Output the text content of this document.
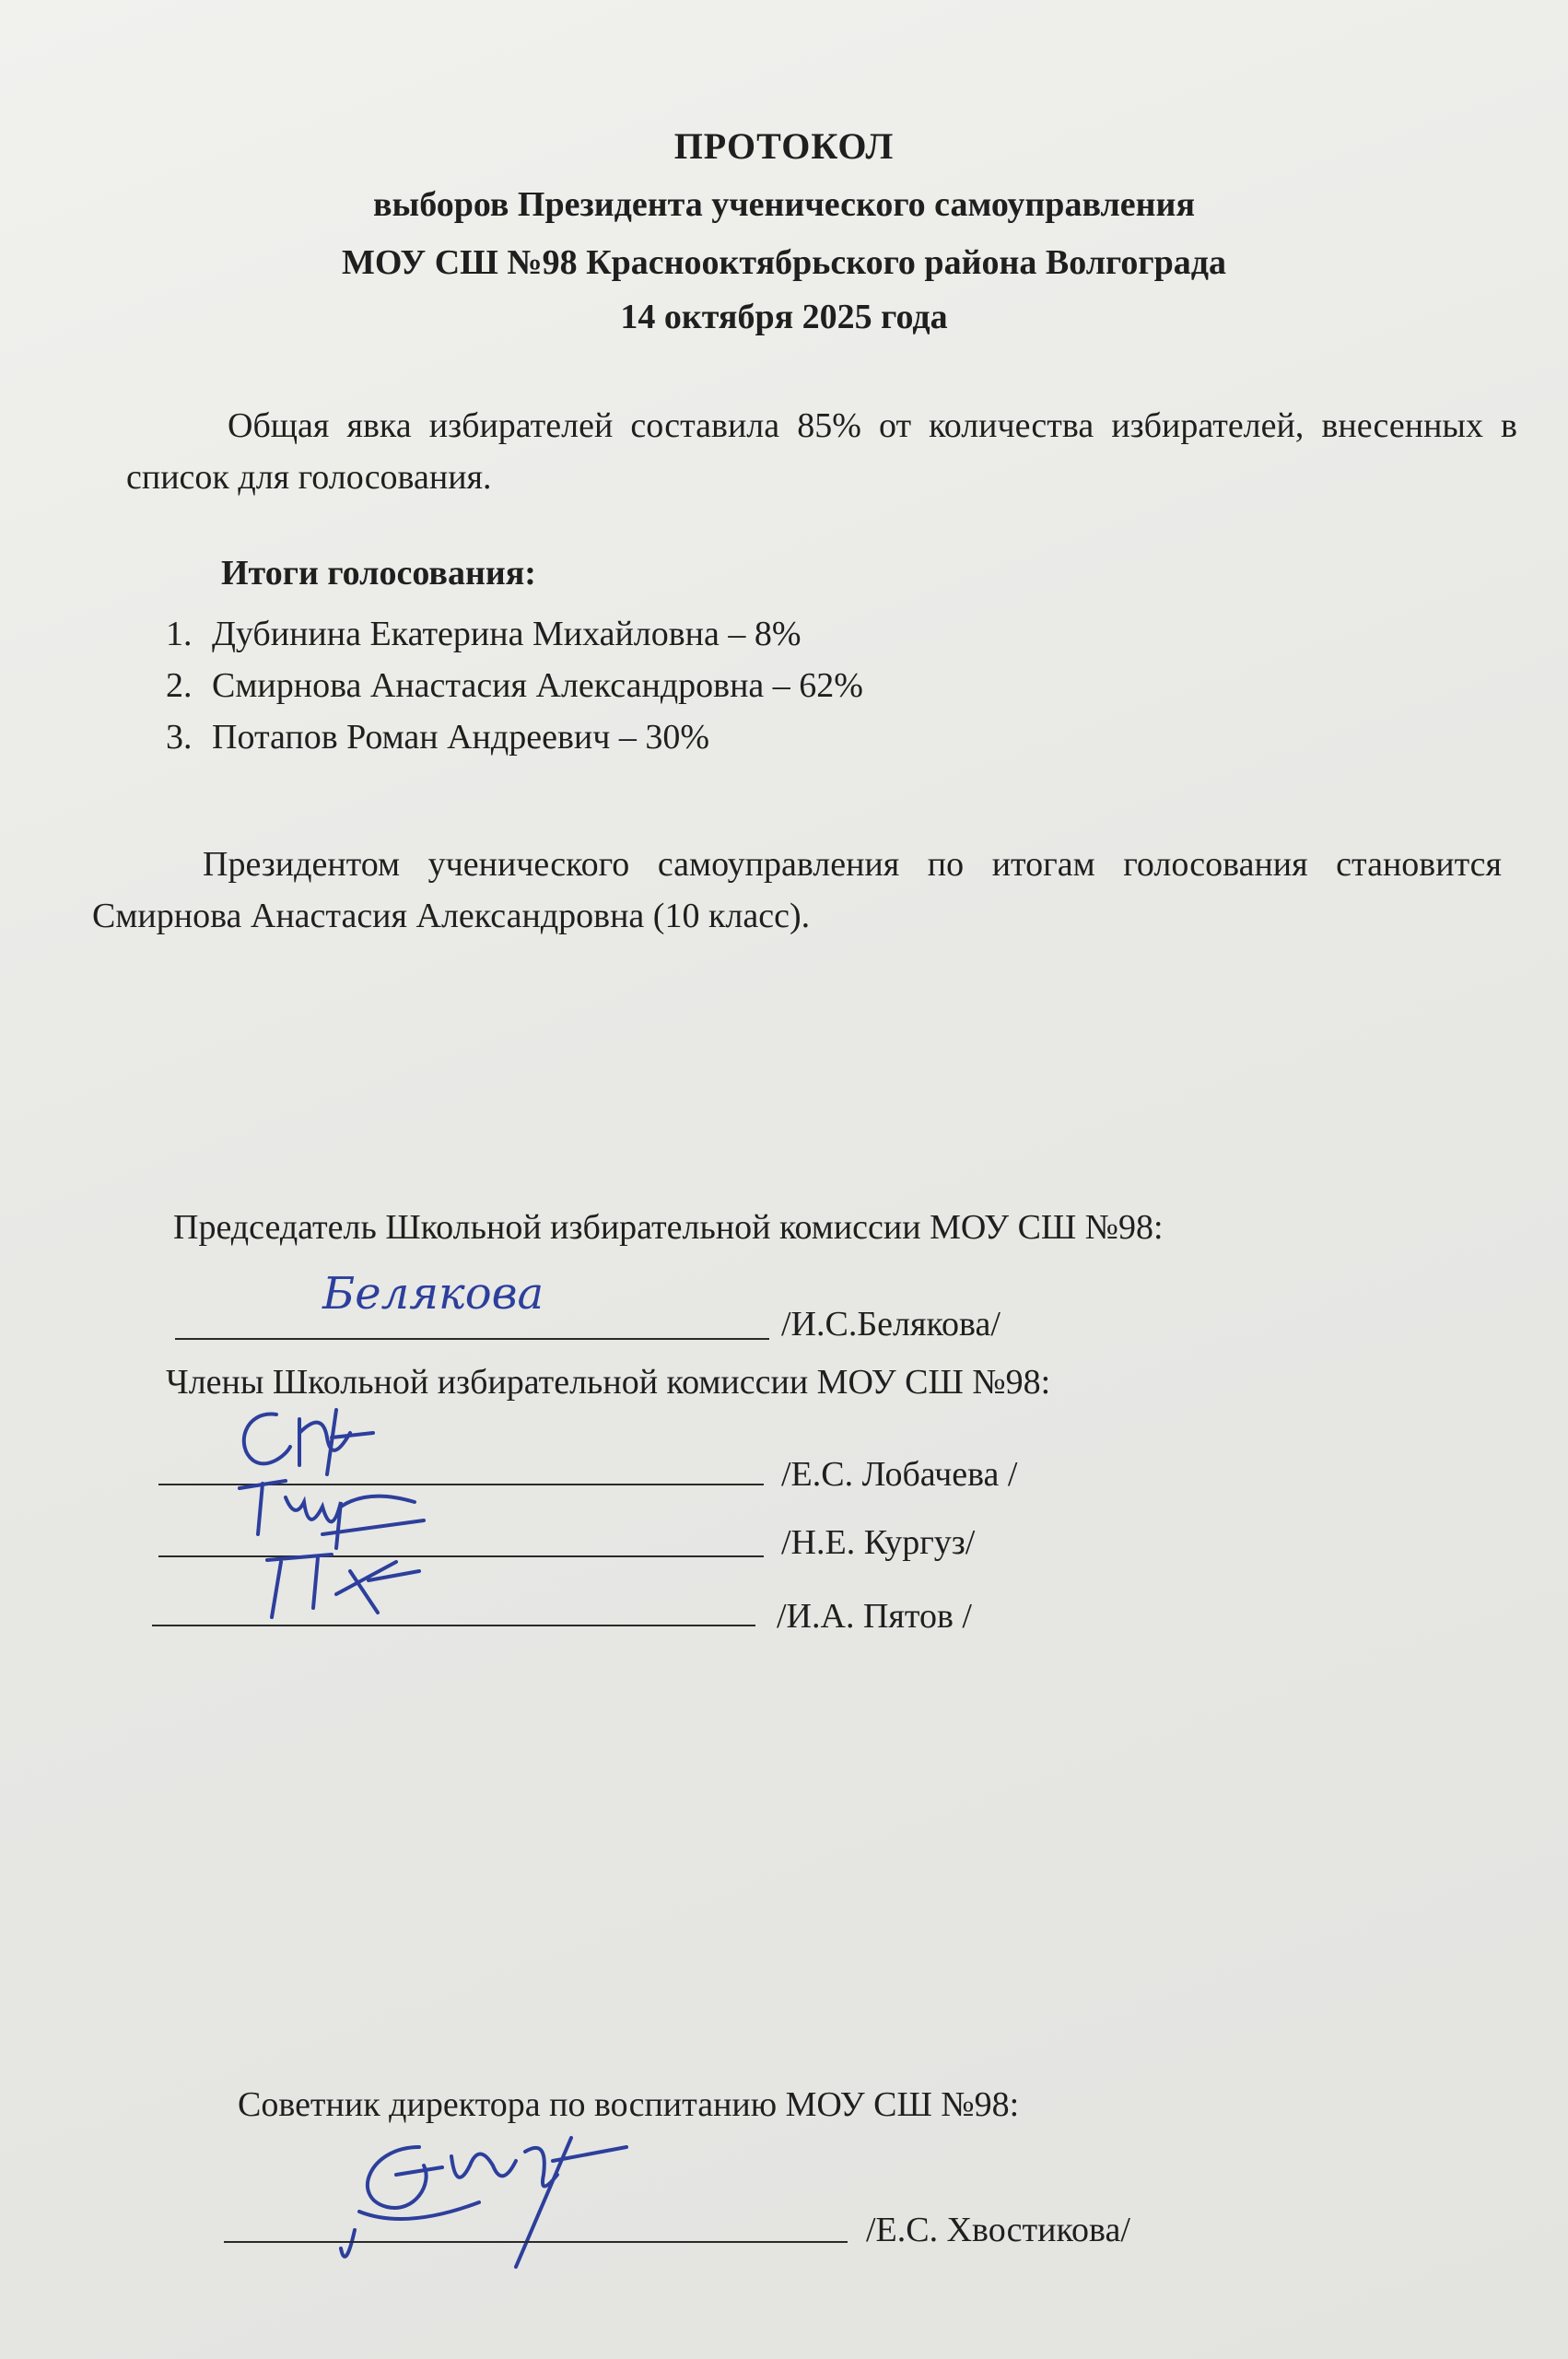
ПРОТОКОЛ
выборов Президента ученического самоуправления
МОУ СШ №98 Краснооктябрьского района Волгограда
14 октября 2025 года
Общая явка избирателей составила 85% от количества избирателей, внесенных в список для голосования.
Итоги голосования:
1. Дубинина Екатерина Михайловна – 8%
2. Смирнова Анастасия Александровна – 62%
3. Потапов Роман Андреевич – 30%
Президентом ученического самоуправления по итогам голосования становится Смирнова Анастасия Александровна (10 класс).
Председатель Школьной избирательной комиссии МОУ СШ №98:
Белякова
/И.С.Белякова/
Члены Школьной избирательной комиссии МОУ СШ №98:
/Е.С. Лобачева /
/Н.Е. Кургуз/
/И.А. Пятов /
Советник директора по воспитанию МОУ СШ №98:
/Е.С. Хвостикова/
